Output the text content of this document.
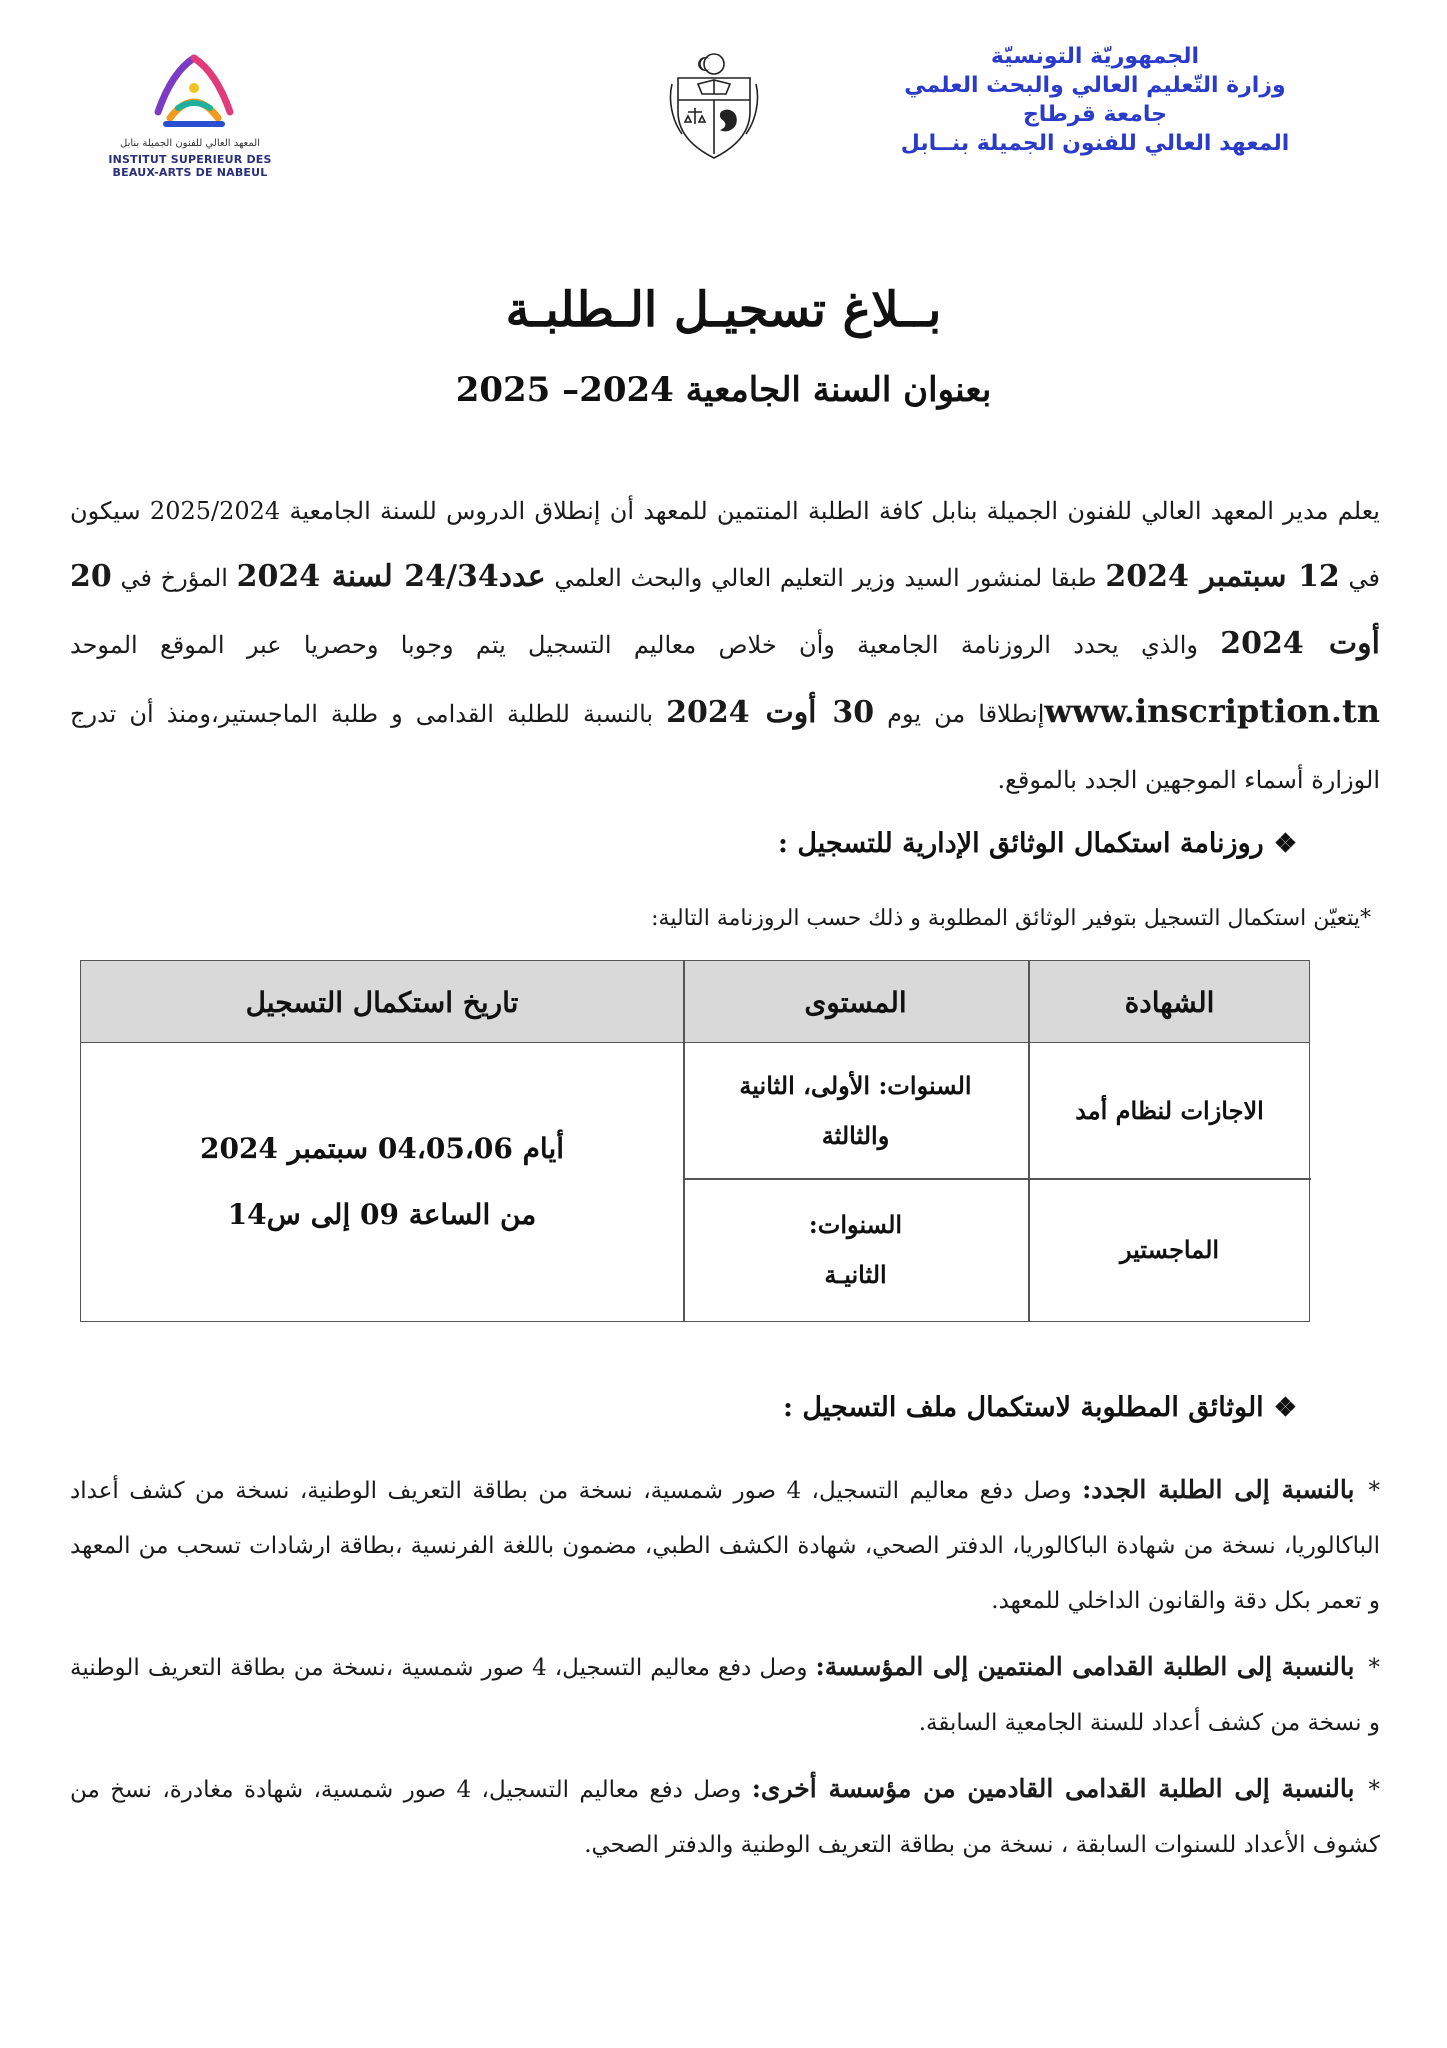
الجمهوريّة التونسيّة
وزارة التّعليم العالي والبحث العلمي
جامعة قرطاج
المعهد العالي للفنون الجميلة بنــابل
المعهد العالي للفنون الجميلة بنابل
INSTITUT SUPERIEUR DES
BEAUX-ARTS DE NABEUL
بــلاغ تسجيـل الـطلبـة
بعنوان السنة الجامعية 2024– 2025
يعلم مدير المعهد العالي للفنون الجميلة بنابل كافة الطلبة المنتمين للمعهد أن إنطلاق الدروس للسنة الجامعية 2025/2024 سيكون في 12 سبتمبر 2024 طبقا لمنشور السيد وزير التعليم العالي والبحث العلمي عدد24/34 لسنة 2024 المؤرخ في 20 أوت 2024 والذي يحدد الروزنامة الجامعية وأن خلاص معاليم التسجيل يتم وجوبا وحصريا عبر الموقع الموحد www.inscription.tnإنطلاقا من يوم 30 أوت 2024 بالنسبة للطلبة القدامى و طلبة الماجستير،ومنذ أن تدرج الوزارة أسماء الموجهين الجدد بالموقع.
❖روزنامة استكمال الوثائق الإدارية للتسجيل :
*يتعيّن استكمال التسجيل بتوفير الوثائق المطلوبة و ذلك حسب الروزنامة التالية:
الشهادة
المستوى
تاريخ استكمال التسجيل
الاجازات لنظام أمد
السنوات: الأولى، الثانية
والثالثة
الماجستير
السنوات:
الثانيـة
أيام 04،05،06 سبتمبر 2024
من الساعة 09 إلى س14
❖الوثائق المطلوبة لاستكمال ملف التسجيل :

*بالنسبة إلى الطلبة الجدد: وصل دفع معاليم التسجيل، 4 صور شمسية، نسخة من بطاقة التعريف الوطنية، نسخة من كشف أعداد الباكالوريا، نسخة من شهادة الباكالوريا، الدفتر الصحي، شهادة الكشف الطبي، مضمون باللغة الفرنسية ،بطاقة ارشادات تسحب من المعهد و تعمر بكل دقة والقانون الداخلي للمعهد.

*بالنسبة إلى الطلبة القدامى المنتمين إلى المؤسسة: وصل دفع معاليم التسجيل، 4 صور شمسية ،نسخة من بطاقة التعريف الوطنية و نسخة من كشف أعداد للسنة الجامعية السابقة.

*بالنسبة إلى الطلبة القدامى القادمين من مؤسسة أخرى: وصل دفع معاليم التسجيل، 4 صور شمسية، شهادة مغادرة، نسخ من كشوف الأعداد للسنوات السابقة ، نسخة من بطاقة التعريف الوطنية والدفتر الصحي.
